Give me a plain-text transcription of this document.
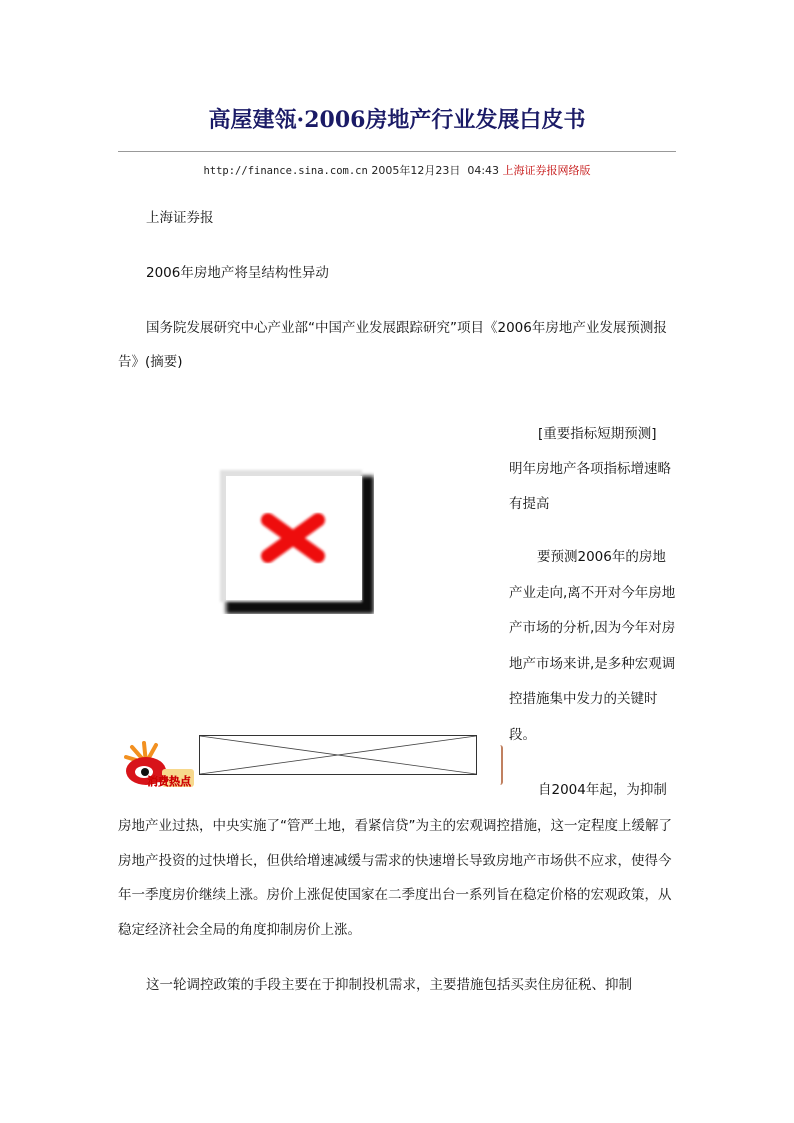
高屋建瓴·2006房地产行业发展白皮书
http://finance.sina.com.cn 2005年12月23日 04:43 上海证券报网络版

上海证券报

2006年房地产将呈结构性异动

国务院发展研究中心产业部“中国产业发展跟踪研究”项目《2006年房地产业发展预测报告》(摘要)

[重要指标短期预测]
明年房地产各项指标增速略有提高
要预测2006年的房地产业走向,离不开对今年房地产市场的分析,因为今年对房地产市场来讲,是多种宏观调控措施集中发力的关键时段。
消费热点
自2004年起，为抑制

房地产业过热，中央实施了“管严土地，看紧信贷”为主的宏观调控措施，这一定程度上缓解了房地产投资的过快增长，但供给增速减缓与需求的快速增长导致房地产市场供不应求，使得今年一季度房价继续上涨。房价上涨促使国家在二季度出台一系列旨在稳定价格的宏观政策，从稳定经济社会全局的角度抑制房价上涨。

这一轮调控政策的手段主要在于抑制投机需求，主要措施包括买卖住房征税、抑制
